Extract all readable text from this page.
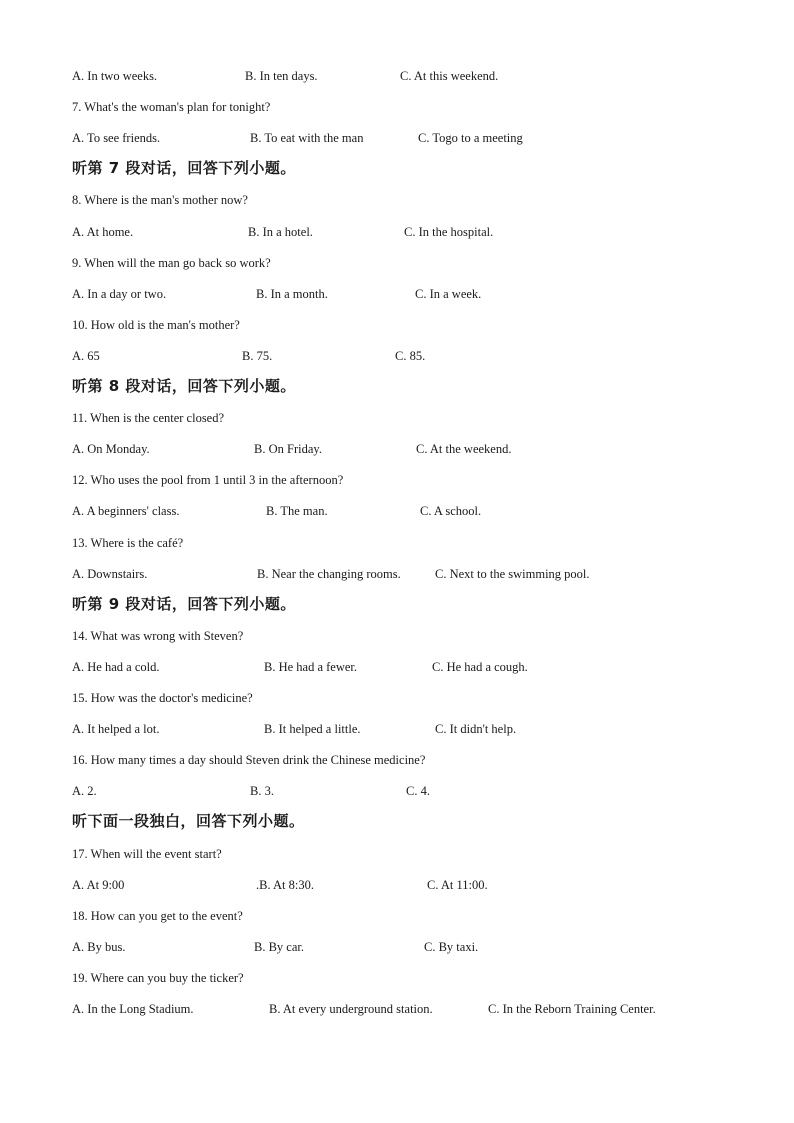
A. In two weeks.	B. In ten days.	C. At this weekend.
7. What's the woman's plan for tonight?
A. To see friends.	B. To eat with the man	C. Togo to a meeting
听第 7 段对话，回答下列小题。
8. Where is the man's mother now?
A. At home.	B. In a hotel.	C. In the hospital.
9. When will the man go back so work?
A. In a day or two.	B. In a month.	C. In a week.
10. How old is the man's mother?
A. 65	B. 75.	C. 85.
听第 8 段对话，回答下列小题。
11. When is the center closed?
A. On Monday.	B. On Friday.	C. At the weekend.
12. Who uses the pool from 1 until 3 in the afternoon?
A. A beginners' class.	B. The man.	C. A school.
13. Where is the café?
A. Downstairs.	B. Near the changing rooms.	C. Next to the swimming pool.
听第 9 段对话，回答下列小题。
14. What was wrong with Steven?
A. He had a cold.	B. He had a fewer.	C. He had a cough.
15. How was the doctor's medicine?
A. It helped a lot.	B. It helped a little.	C. It didn't help.
16. How many times a day should Steven drink the Chinese medicine?
A. 2.	B. 3.	C. 4.
听下面一段独白，回答下列小题。
17. When will the event start?
A. At 9:00	.B. At 8:30.	C. At 11:00.
18. How can you get to the event?
A. By bus.	B. By car.	C. By taxi.
19. Where can you buy the ticker?
A. In the Long Stadium.	B. At every underground station.	C. In the Reborn Training Center.
